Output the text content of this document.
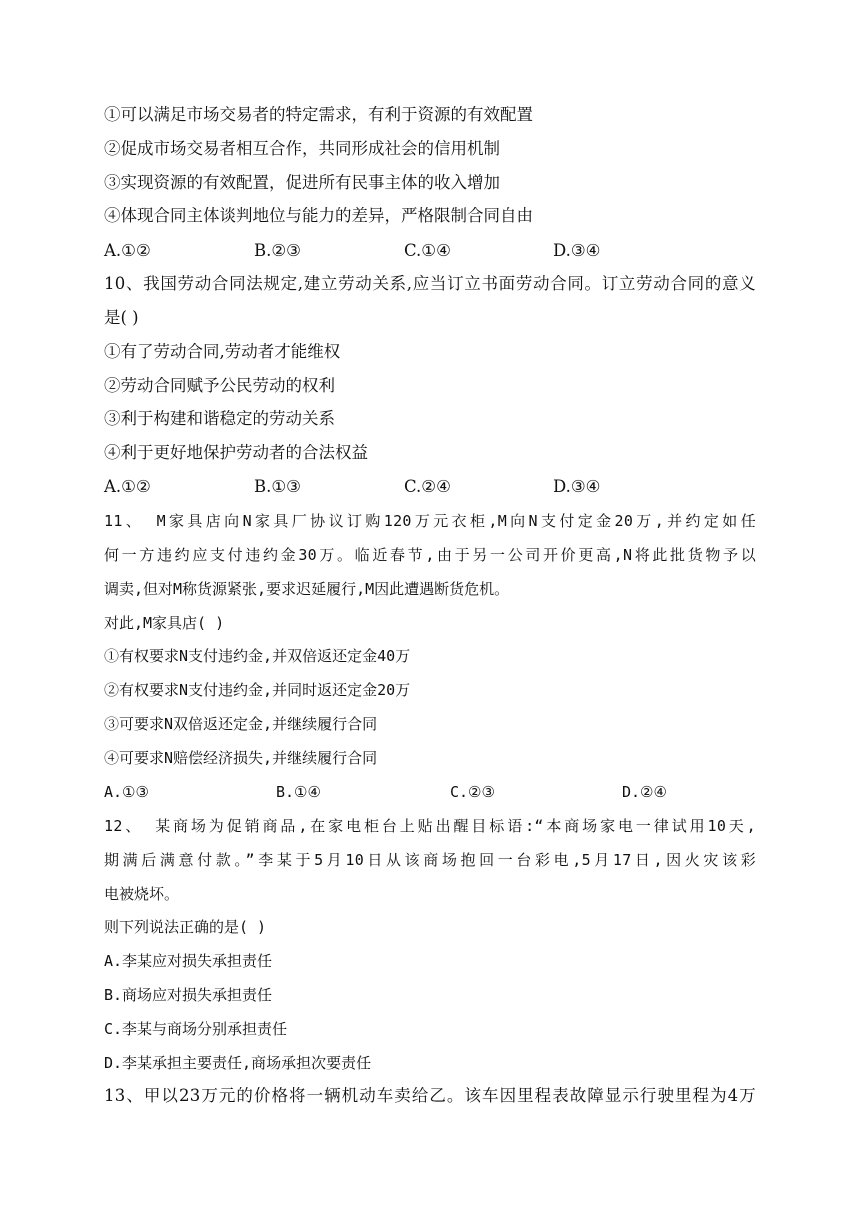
①可以满足市场交易者的特定需求，有利于资源的有效配置
②促成市场交易者相互合作，共同形成社会的信用机制
③实现资源的有效配置，促进所有民事主体的收入增加
④体现合同主体谈判地位与能力的差异，严格限制合同自由
A.①②	B.②③	C.①④	D.③④
10、我国劳动合同法规定,建立劳动关系,应当订立书面劳动合同。订立劳动合同的意义
是( )
①有了劳动合同,劳动者才能维权
②劳动合同赋予公民劳动的权利
③利于构建和谐稳定的劳动关系
④利于更好地保护劳动者的合法权益
A.①②	B.①③	C.②④	D.③④
11、 M家具店向N家具厂协议订购120万元衣柜,M向N支付定金20万,并约定如任
何一方违约应支付违约金30万。临近春节,由于另一公司开价更高,N将此批货物予以
调卖,但对M称货源紧张,要求迟延履行,M因此遭遇断货危机。
对此,M家具店( )
①有权要求N支付违约金,并双倍返还定金40万
②有权要求N支付违约金,并同时返还定金20万
③可要求N双倍返还定金,并继续履行合同
④可要求N赔偿经济损失,并继续履行合同
A.①③	B.①④	C.②③	D.②④
12、 某商场为促销商品,在家电柜台上贴出醒目标语:“本商场家电一律试用10天,
期满后满意付款。”李某于5月10日从该商场抱回一台彩电,5月17日,因火灾该彩
电被烧坏。
则下列说法正确的是( )
A.李某应对损失承担责任
B.商场应对损失承担责任
C.李某与商场分别承担责任
D.李某承担主要责任,商场承担次要责任
13、甲以23万元的价格将一辆机动车卖给乙。该车因里程表故障显示行驶里程为4万
